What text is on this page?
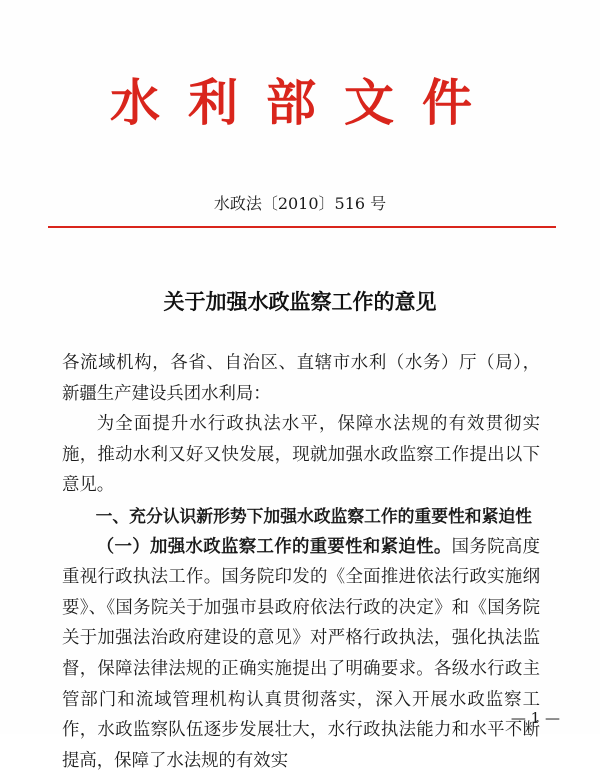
水利部文件
水政法〔2010〕516 号
关于加强水政监察工作的意见

各流域机构，各省、自治区、直辖市水利（水务）厅（局），新疆生产建设兵团水利局：

为全面提升水行政执法水平，保障水法规的有效贯彻实施，推动水利又好又快发展，现就加强水政监察工作提出以下意见。

一、充分认识新形势下加强水政监察工作的重要性和紧迫性

（一）加强水政监察工作的重要性和紧迫性。国务院高度重视行政执法工作。国务院印发的《全面推进依法行政实施纲要》、《国务院关于加强市县政府依法行政的决定》和《国务院关于加强法治政府建设的意见》对严格行政执法，强化执法监督，保障法律法规的正确实施提出了明确要求。各级水行政主管部门和流域管理机构认真贯彻落实，深入开展水政监察工作，水政监察队伍逐步发展壮大，水行政执法能力和水平不断提高，保障了水法规的有效实

— 1 —
